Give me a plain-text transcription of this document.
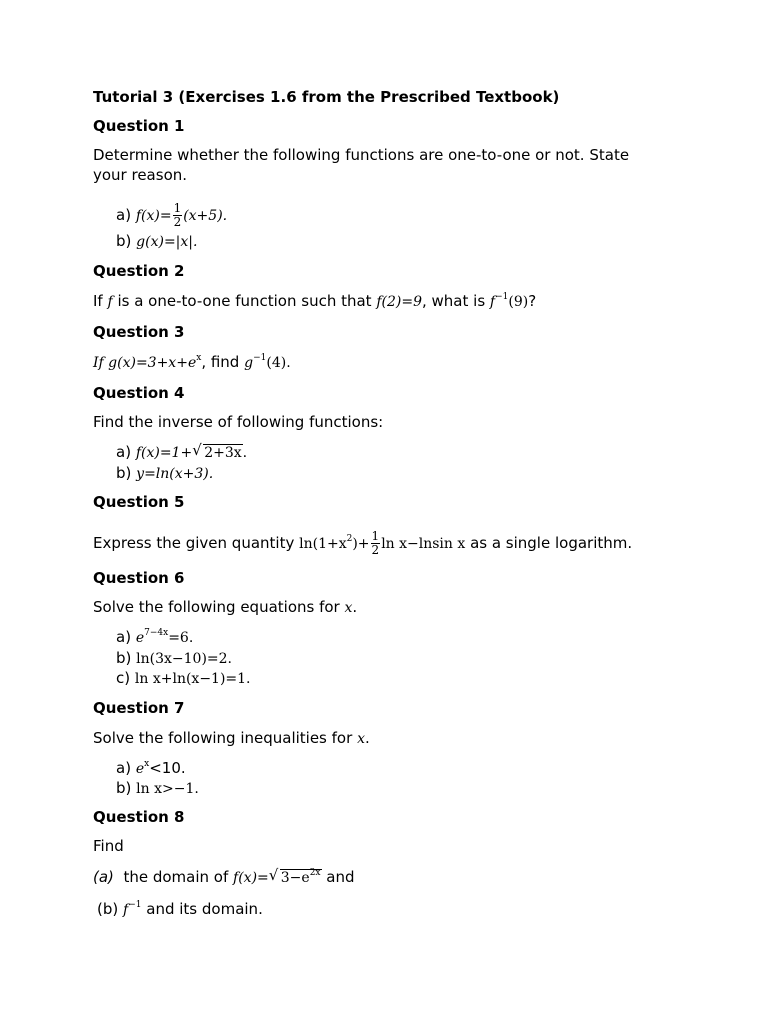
Tutorial 3 (Exercises 1.6 from the Prescribed Textbook)
Question 1
Determine whether the following functions are one-to-one or not. State
your reason.
a) $f(x)= \frac{1}{2} (x+5)$.
b) g(x)=|x|.
Question 2
If f is a one-to-one function such that f(2)=9, what is $f^{-1}(9)$?
Question 3
If $g(x)=3+x+e^x$, find $g^{-1}(4)$.
Question 4
Find the inverse of following functions:
a) f(x)=1+ √ 2+3x.
b) y=ln(x+3).
Question 5
Express the given quantity $\ln(1+x^2)+ \frac{1}{2}$ ln x−lnsin x as a single logarithm.
Question 6
Solve the following equations for x.
a) $e^{7-4x}=6$.
b) ln(3x−10)=2.
c) ln x+ln(x−1)=1.
Question 7
Solve the following inequalities for x.
a) $e^x<10$.
b) ln x>−1.
Question 8
Find
(a) the domain of f(x)= √ $3-e^{2x}$ and
(b) $f^{-1}$ and its domain.
